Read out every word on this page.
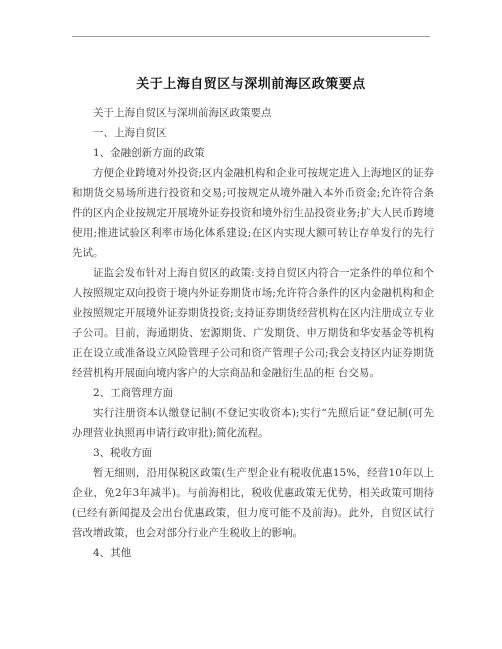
关于上海自贸区与深圳前海区政策要点

关于上海自贸区与深圳前海区政策要点

一、上海自贸区

1、金融创新方面的政策

方便企业跨境对外投资;区内金融机构和企业可按规定进入上海地区的证券和期货交易场所进行投资和交易;可按规定从境外融入本外币资金;允许符合条件的区内企业按规定开展境外证券投资和境外衍生品投资业务;扩大人民币跨境使用;推进试验区利率市场化体系建设;在区内实现大额可转让存单发行的先行先试。

证监会发布针对上海自贸区的政策:支持自贸区内符合一定条件的单位和个人按照规定双向投资于境内外证券期货市场;允许符合条件的区内金融机构和企业按照规定开展境外证券期货投资;支持证券期货经营机构在区内注册成立专业子公司。目前，海通期货、宏源期货、广发期货、申万期货和华安基金等机构正在设立或准备设立风险管理子公司和资产管理子公司;我会支持区内证券期货经营机构开展面向境内客户的大宗商品和金融衍生品的柜 台交易。

2、工商管理方面

实行注册资本认缴登记制(不登记实收资本);实行“先照后证”登记制(可先办理营业执照再申请行政审批);简化流程。

3、税收方面

暂无细则，沿用保税区政策(生产型企业有税收优惠15%，经营10年以上企业，免2年3年减半)。与前海相比，税收优惠政策无优势，相关政策可期待(已经有新闻提及会出台优惠政策，但力度可能不及前海)。此外，自贸区试行营改增政策，也会对部分行业产生税收上的影响。

4、其他
